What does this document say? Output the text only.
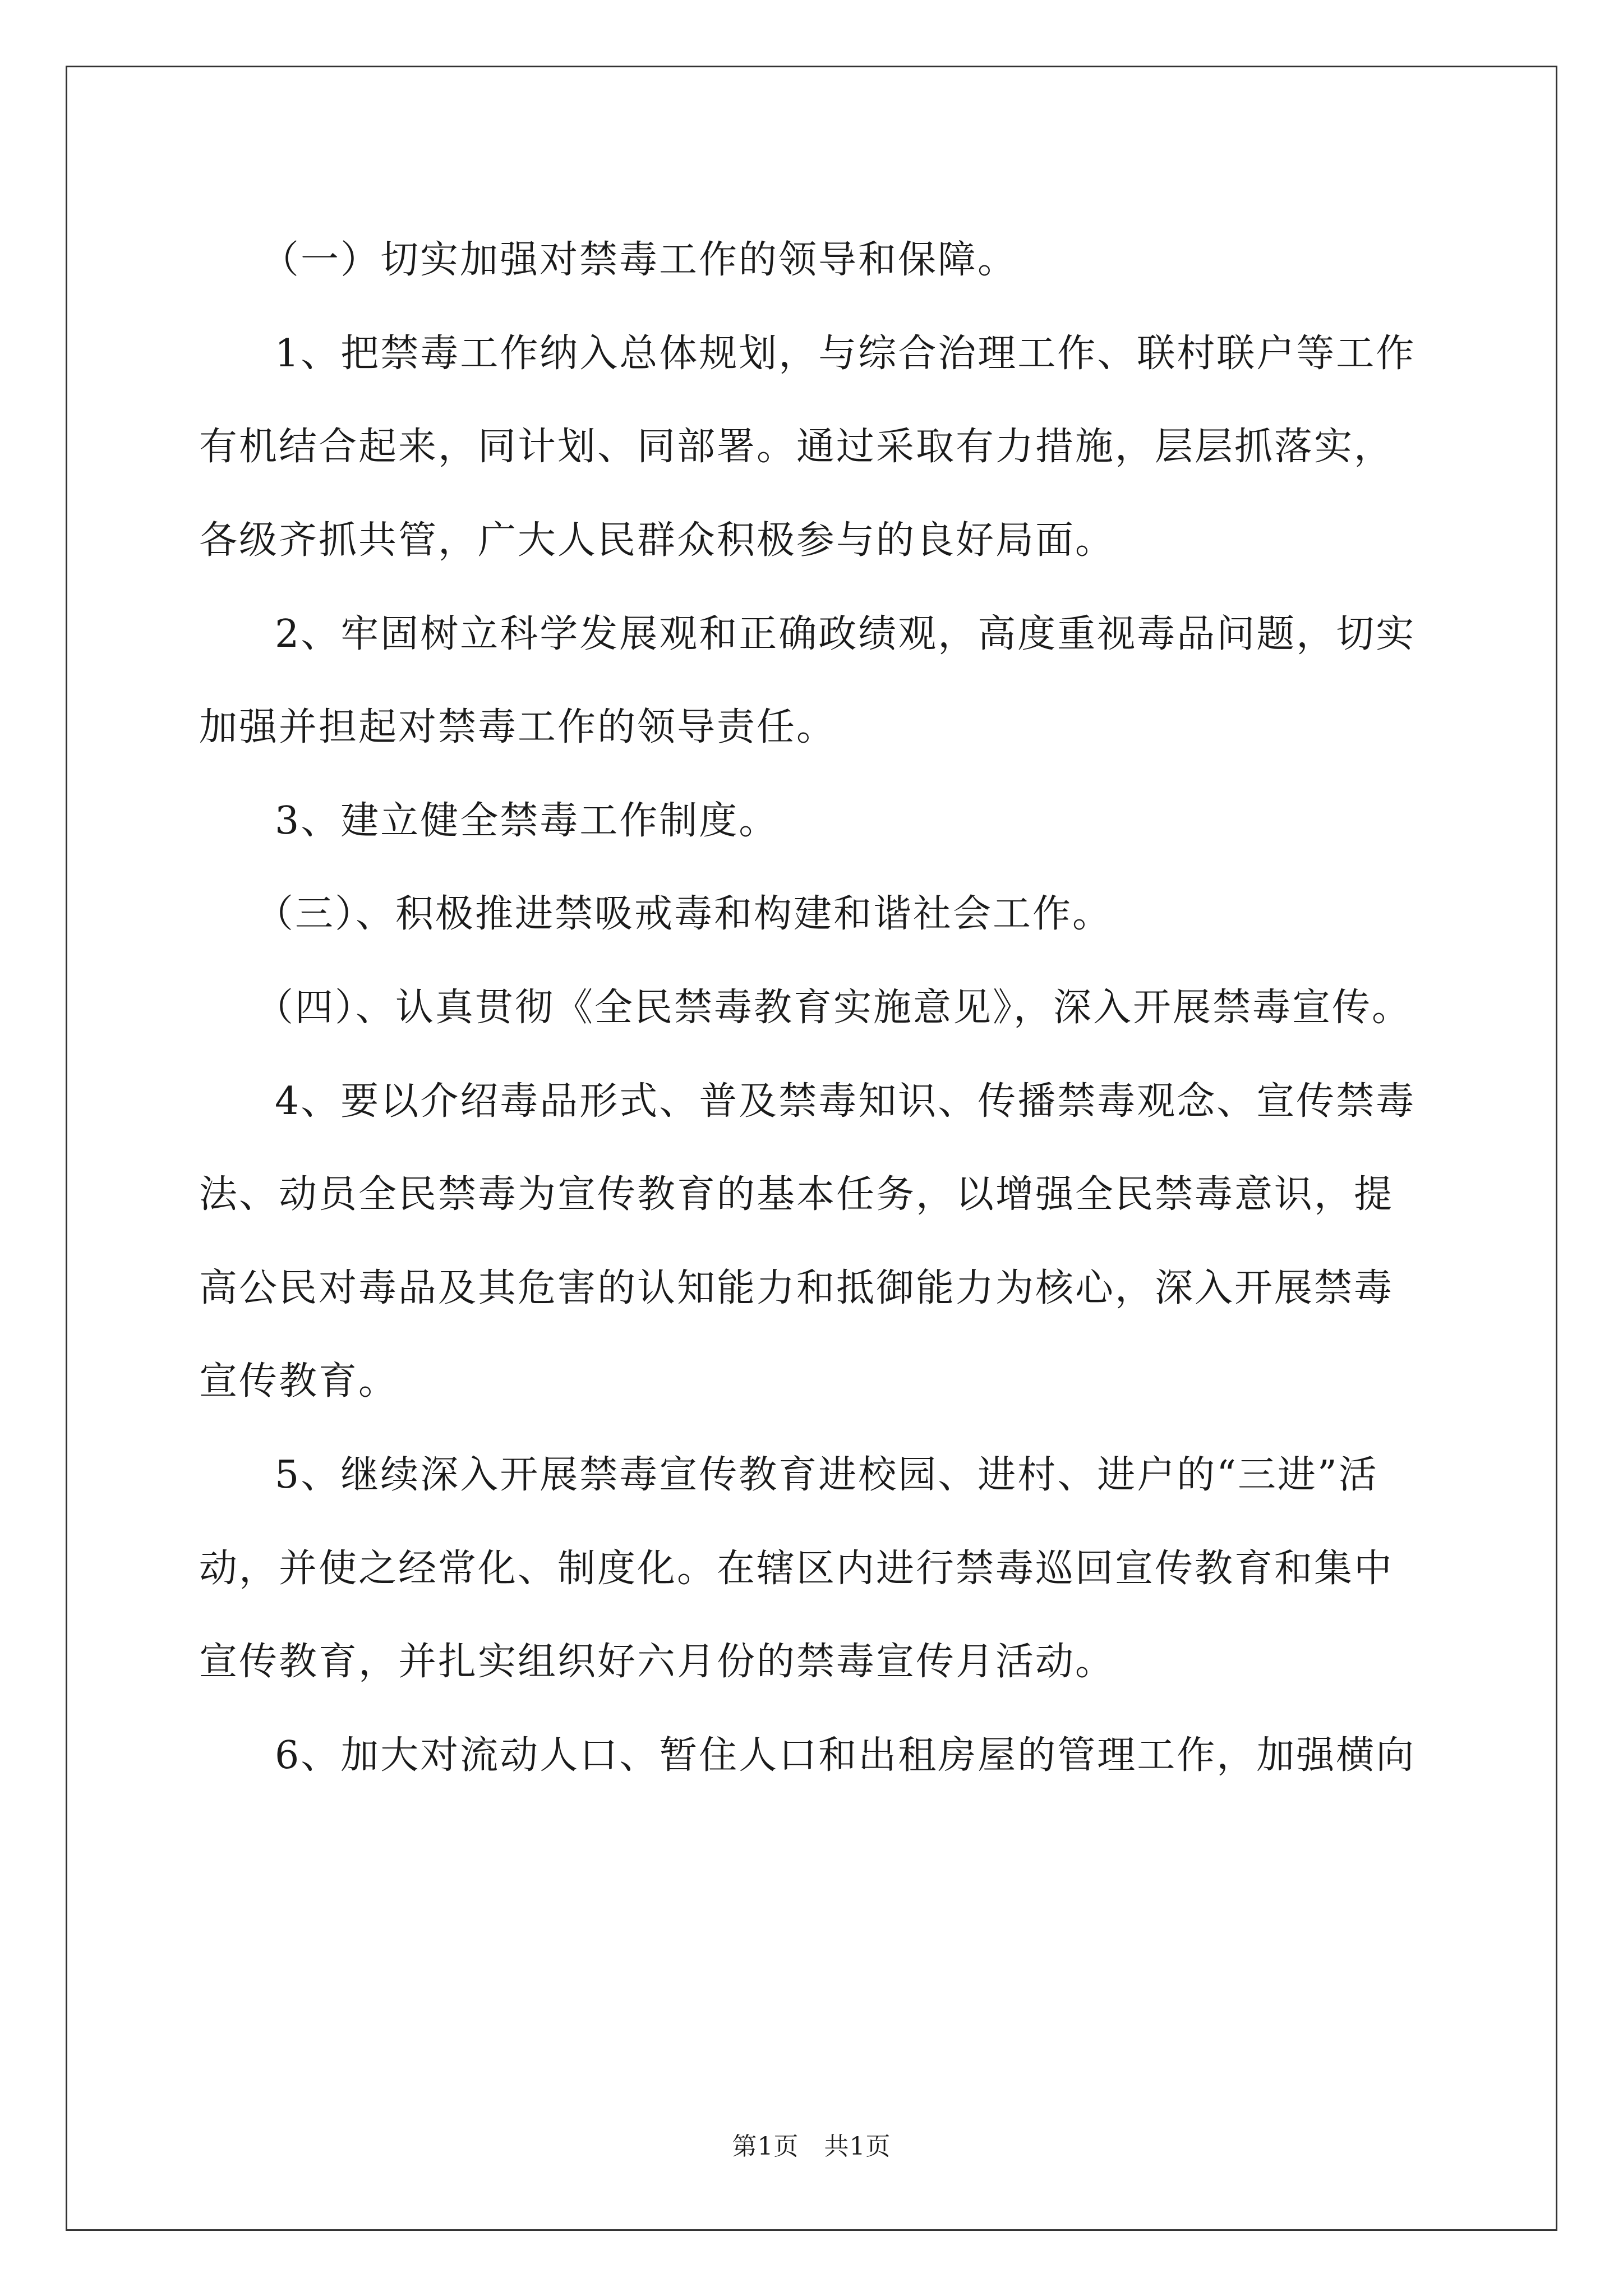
（一）切实加强对禁毒工作的领导和保障。
1、把禁毒工作纳入总体规划，与综合治理工作、联村联户等工作
有机结合起来，同计划、同部署。通过采取有力措施，层层抓落实，
各级齐抓共管，广大人民群众积极参与的良好局面。
2、牢固树立科学发展观和正确政绩观，高度重视毒品问题，切实
加强并担起对禁毒工作的领导责任。
3、建立健全禁毒工作制度。
（三）、积极推进禁吸戒毒和构建和谐社会工作。
（四）、认真贯彻《全民禁毒教育实施意见》，深入开展禁毒宣传。
4、要以介绍毒品形式、普及禁毒知识、传播禁毒观念、宣传禁毒
法、动员全民禁毒为宣传教育的基本任务，以增强全民禁毒意识，提
高公民对毒品及其危害的认知能力和抵御能力为核心，深入开展禁毒
宣传教育。
5、继续深入开展禁毒宣传教育进校园、进村、进户的“三进”活
动，并使之经常化、制度化。在辖区内进行禁毒巡回宣传教育和集中
宣传教育，并扎实组织好六月份的禁毒宣传月活动。
6、加大对流动人口、暂住人口和出租房屋的管理工作，加强横向
第1页   共1页
